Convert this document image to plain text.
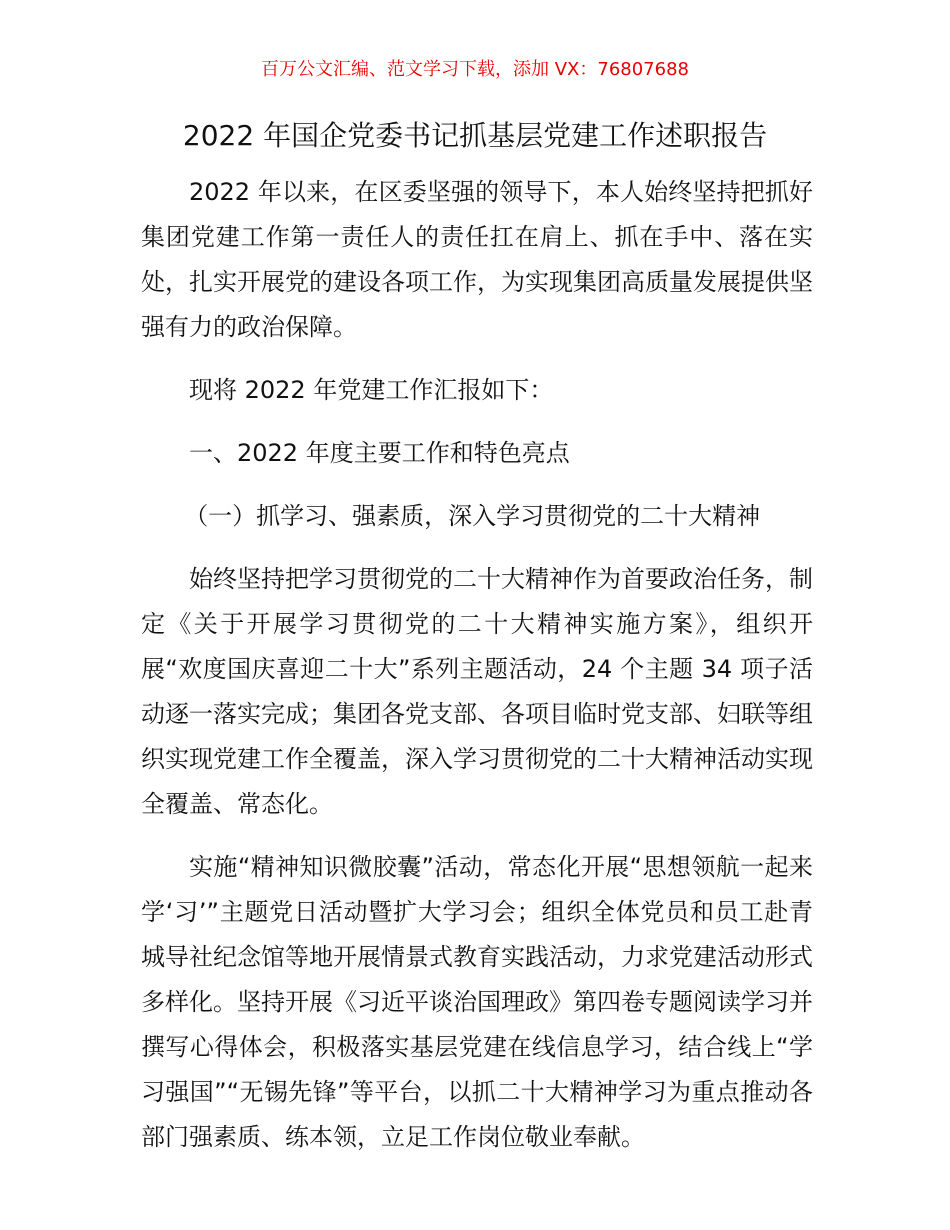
百万公文汇编、范文学习下载，添加 VX：76807688
2022 年国企党委书记抓基层党建工作述职报告

2022 年以来，在区委坚强的领导下，本人始终坚持把抓好集团党建工作第一责任人的责任扛在肩上、抓在手中、落在实处，扎实开展党的建设各项工作，为实现集团高质量发展提供坚强有力的政治保障。

现将 2022 年党建工作汇报如下：

一、2022 年度主要工作和特色亮点

（一）抓学习、强素质，深入学习贯彻党的二十大精神

始终坚持把学习贯彻党的二十大精神作为首要政治任务，制定《关于开展学习贯彻党的二十大精神实施方案》，组织开展“欢度国庆喜迎二十大”系列主题活动，24 个主题 34 项子活动逐一落实完成；集团各党支部、各项目临时党支部、妇联等组织实现党建工作全覆盖，深入学习贯彻党的二十大精神活动实现全覆盖、常态化。

实施“精神知识微胶囊”活动，常态化开展“思想领航一起来学‘习’”主题党日活动暨扩大学习会；组织全体党员和员工赴青城导社纪念馆等地开展情景式教育实践活动，力求党建活动形式多样化。坚持开展《习近平谈治国理政》第四卷专题阅读学习并撰写心得体会，积极落实基层党建在线信息学习，结合线上“学习强国”“无锡先锋”等平台，以抓二十大精神学习为重点推动各部门强素质、练本领，立足工作岗位敬业奉献。
